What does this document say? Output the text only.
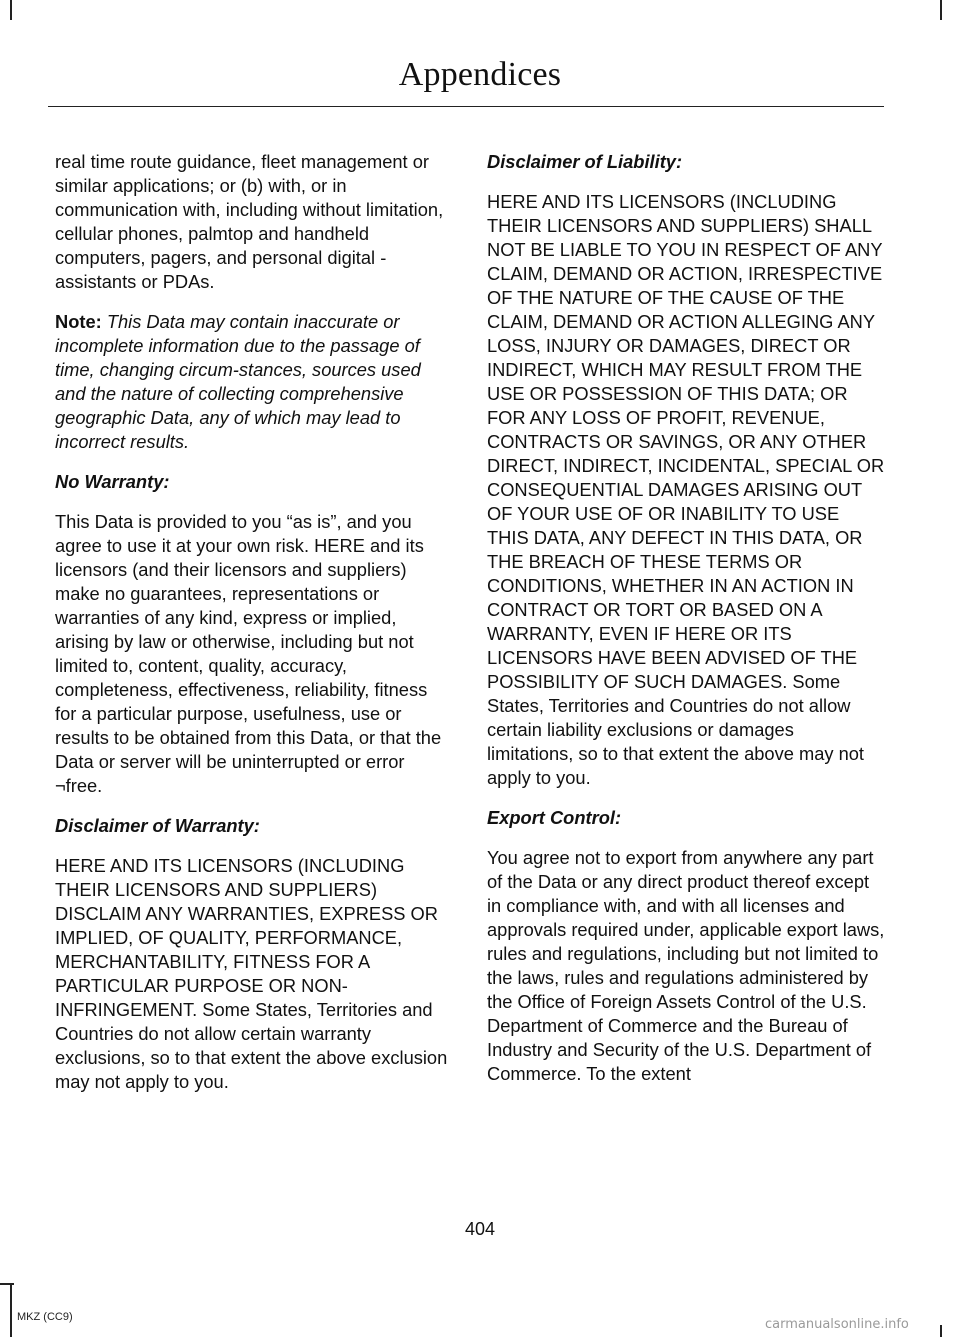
Appendices

real time route guidance, fleet management or similar applications; or (b) with, or in communication with, including without limitation, cellular phones, palmtop and handheld computers, pagers, and personal digital -assistants or PDAs.

Note: This Data may contain inaccurate or incomplete information due to the passage of time, changing circum-stances, sources used and the nature of collecting comprehensive geographic Data, any of which may lead to incorrect results.

No Warranty:

This Data is provided to you “as is”, and you agree to use it at your own risk. HERE and its licensors (and their licensors and suppliers) make no guarantees, representations or warranties of any kind, express or implied, arising by law or otherwise, including but not limited to, content, quality, accuracy, completeness, effectiveness, reliability, fitness for a particular purpose, usefulness, use or results to be obtained from this Data, or that the Data or server will be uninterrupted or error ¬free.

Disclaimer of Warranty:

HERE AND ITS LICENSORS (INCLUDING THEIR LICENSORS AND SUPPLIERS) DISCLAIM ANY WARRANTIES, EXPRESS OR IMPLIED, OF QUALITY, PERFORMANCE, MERCHANTABILITY, FITNESS FOR A PARTICULAR PURPOSE OR NON-INFRINGEMENT. Some States, Territories and Countries do not allow certain warranty exclusions, so to that extent the above exclusion may not apply to you.

Disclaimer of Liability:

HERE AND ITS LICENSORS (INCLUDING THEIR LICENSORS AND SUPPLIERS) SHALL NOT BE LIABLE TO YOU IN RESPECT OF ANY CLAIM, DEMAND OR ACTION, IRRESPECTIVE OF THE NATURE OF THE CAUSE OF THE CLAIM, DEMAND OR ACTION ALLEGING ANY LOSS, INJURY OR DAMAGES, DIRECT OR INDIRECT, WHICH MAY RESULT FROM THE USE OR POSSESSION OF THIS DATA; OR FOR ANY LOSS OF PROFIT, REVENUE, CONTRACTS OR SAVINGS, OR ANY OTHER DIRECT, INDIRECT, INCIDENTAL, SPECIAL OR CONSEQUENTIAL DAMAGES ARISING OUT OF YOUR USE OF OR INABILITY TO USE THIS DATA, ANY DEFECT IN THIS DATA, OR THE BREACH OF THESE TERMS OR CONDITIONS, WHETHER IN AN ACTION IN CONTRACT OR TORT OR BASED ON A WARRANTY, EVEN IF HERE OR ITS LICENSORS HAVE BEEN ADVISED OF THE POSSIBILITY OF SUCH DAMAGES. Some States, Territories and Countries do not allow certain liability exclusions or damages limitations, so to that extent the above may not apply to you.

Export Control:

You agree not to export from anywhere any part of the Data or any direct product thereof except in compliance with, and with all licenses and approvals required under, applicable export laws, rules and regulations, including but not limited to the laws, rules and regulations administered by the Office of Foreign Assets Control of the U.S. Department of Commerce and the Bureau of Industry and Security of the U.S. Department of Commerce. To the extent

404
MKZ (CC9)	carmanualsonline.info
